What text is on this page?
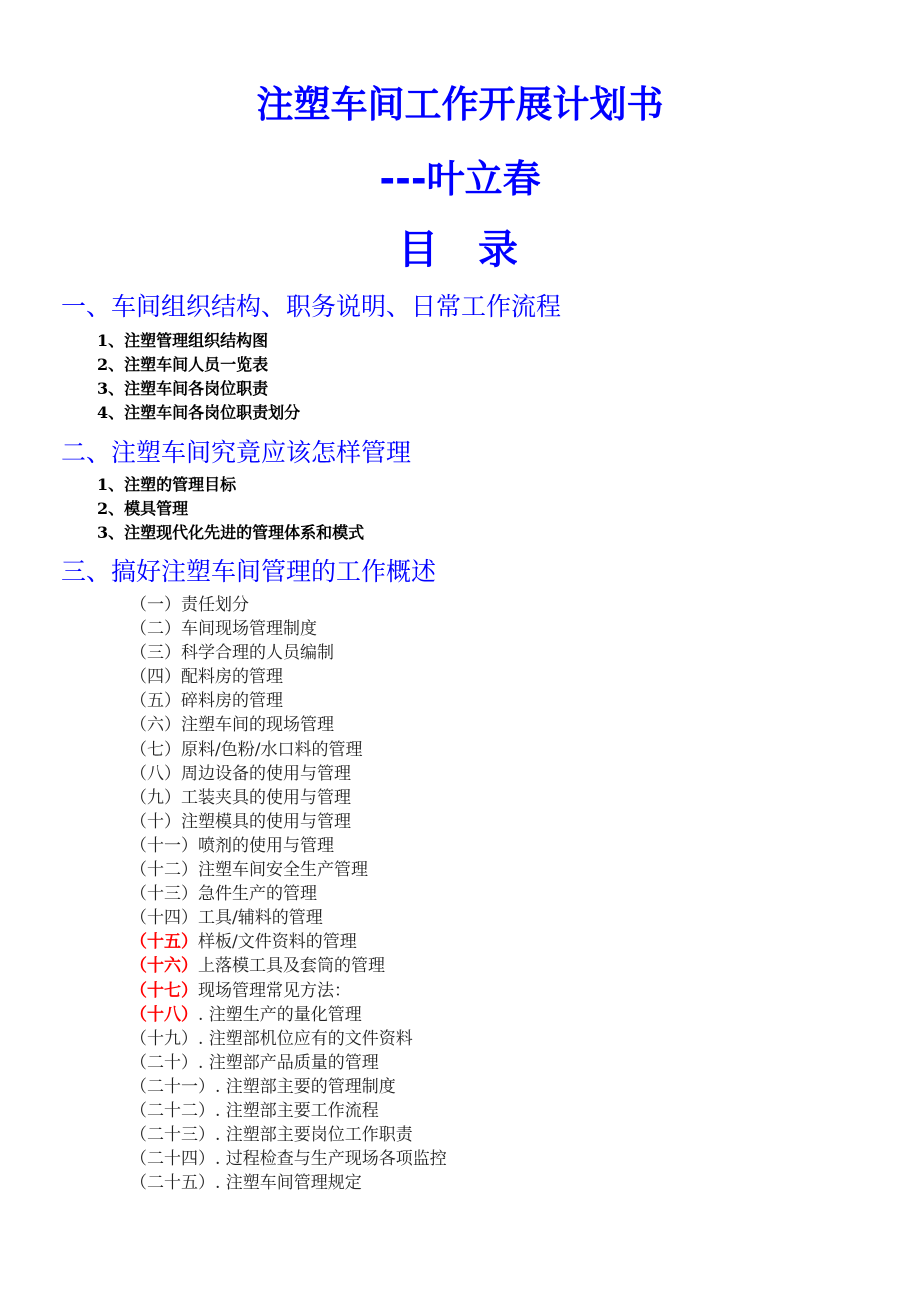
注塑车间工作开展计划书
---叶立春
目录
一、车间组织结构、职务说明、日常工作流程
1、注塑管理组织结构图
2、注塑车间人员一览表
3、注塑车间各岗位职责
4、注塑车间各岗位职责划分
二、注塑车间究竟应该怎样管理
1、注塑的管理目标
2、模具管理
3、注塑现代化先进的管理体系和模式
三、搞好注塑车间管理的工作概述
（一）责任划分
（二）车间现场管理制度
（三）科学合理的人员编制
（四）配料房的管理
（五）碎料房的管理
（六）注塑车间的现场管理
（七）原料/色粉/水口料的管理
（八）周边设备的使用与管理
（九）工装夹具的使用与管理
（十）注塑模具的使用与管理
（十一）喷剂的使用与管理
（十二）注塑车间安全生产管理
（十三）急件生产的管理
（十四）工具/辅料的管理
（十五）样板/文件资料的管理
（十六）上落模工具及套筒的管理
（十七）现场管理常见方法：
（十八）. 注塑生产的量化管理
（十九）. 注塑部机位应有的文件资料
（二十）. 注塑部产品质量的管理
（二十一）. 注塑部主要的管理制度
（二十二）. 注塑部主要工作流程
（二十三）. 注塑部主要岗位工作职责
（二十四）. 过程检查与生产现场各项监控
（二十五）. 注塑车间管理规定
